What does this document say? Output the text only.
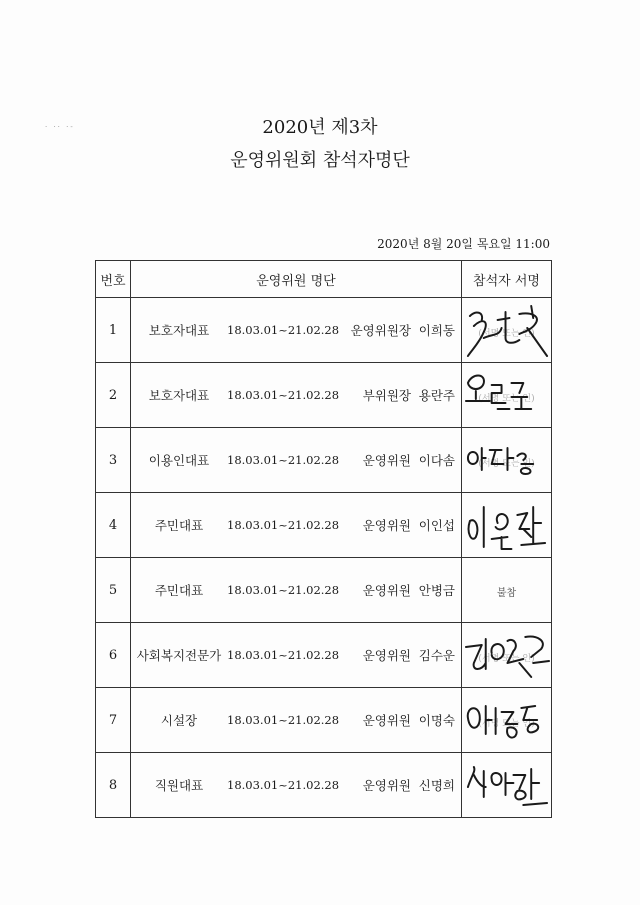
· ·· ·-	2020년 제3차
운영위원회 참석자명단
2020년 8월 20일 목요일 11:00
번호	운영위원 명단	참석자 서명
1	보호자대표 18.03.01~21.02.28 운영위원장 이희동	(서명 또는 인)

2	보호자대표 18.03.01~21.02.28 부위원장 용란주	(서명 또는 인)

3	이용인대표 18.03.01~21.02.28 운영위원 이다솜	(서명 또는 인)

4	주민대표 18.03.01~21.02.28 운영위원 이인섭

5	주민대표 18.03.01~21.02.28 운영위원 안병금	불참
6	사회복지전문가 18.03.01~21.02.28 운영위원 김수운	(서명 또는 인)

7	시설장 18.03.01~21.02.28 운영위원 이명숙	(서명 또는 인)

8	직원대표 18.03.01~21.02.28 운영위원 신명희
